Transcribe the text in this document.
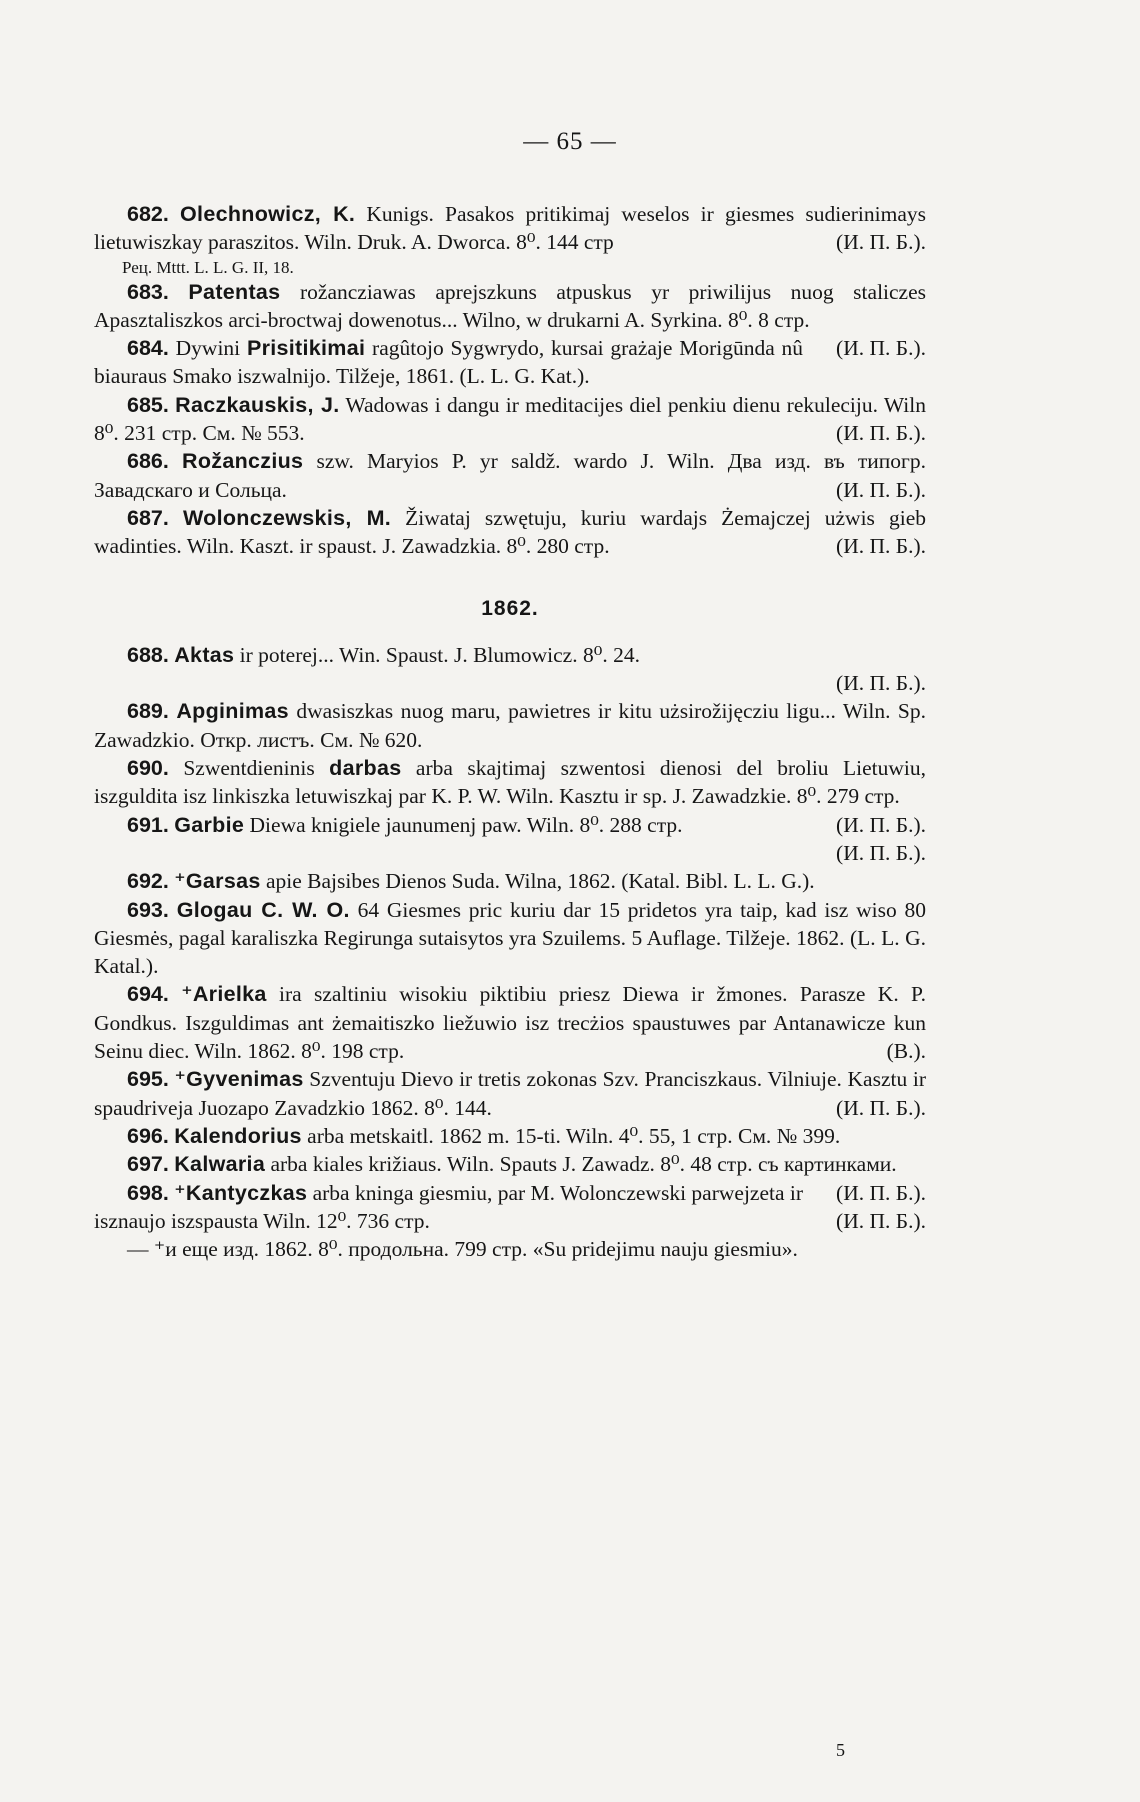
— 65 —

682. Olechnowicz, K. Kunigs. Pasakos pritikimaj weselos ir giesmes sudierinimays lietuwiszkay paraszitos. Wiln. Druk. A. Dworca. 8⁰. 144 стр	(И. П. Б.).

Рец. Mttt. L. L. G. II, 18.

683. Patentas rožancziawas aprejszkuns atpuskus yr priwilijus nuog staliczes Apasztaliszkos arci-broctwaj dowenotus... Wilno, w drukarni A. Syrkina. 8⁰. 8 стр.
(И. П. Б.).

684. Dywini Prisitikimai ragûtojo Sygwrydo, kursai grażaje Morigūnda nû biauraus Smako iszwalnijo. Tilžeje, 1861. (L. L. G. Kat.).

685. Raczkauskis, J. Wadowas i dangu ir meditacijes diel penkiu dienu rekuleciju. Wiln 8⁰. 231 стр. См. № 553.	(И. П. Б.).

686. Rožanczius szw. Maryios P. yr saldž. wardo J. Wiln. Два изд. въ типогр. Завадскаго и Сольца.	(И. П. Б.).

687. Wolonczewskis, M. Žiwataj szwętuju, kuriu wardajs Żemajczej użwis gieb wadinties. Wiln. Kaszt. ir spaust. J. Zawadzkia. 8⁰. 280 стр.	(И. П. Б.).

1862.

688. Aktas ir poterej... Win. Spaust. J. Blumowicz. 8⁰. 24.

(И. П. Б.).

689. Apginimas dwasiszkas nuog maru, pawietres ir kitu użsirožijęcziu ligu... Wiln. Sp. Zawadzkio. Откр. листъ. См. № 620.

690. Szwentdieninis darbas arba skajtimaj szwentosi dienosi del broliu Lietuwiu, iszguldita isz linkiszka letuwiszkaj par K. P. W. Wiln. Kasztu ir sp. J. Zawadzkie. 8⁰. 279 стр.
(И. П. Б.).

691. Garbie Diewa knigiele jaunumenj paw. Wiln. 8⁰. 288 стр.

(И. П. Б.).

692. ⁺Garsas apie Bajsibes Dienos Suda. Wilna, 1862. (Katal. Bibl. L. L. G.).

693. Glogau C. W. O. 64 Giesmes pric kuriu dar 15 pridetos yra taip, kad isz wiso 80 Giesmės, pagal karaliszka Regirunga sutaisytos yra Szuilems. 5 Auflage. Tilžeje. 1862. (L. L. G. Katal.).

694. ⁺Arielka ira szaltiniu wisokiu piktibiu priesz Diewa ir žmones. Parasze K. P. Gondkus. Iszguldimas ant żemaitiszko liežuwio isz trecżios spaustuwes par Antanawicze kun Seinu diec. Wiln. 1862. 8⁰. 198 стр.	(В.).

695. ⁺Gyvenimas Szventuju Dievo ir tretis zokonas Szv. Pranciszkaus. Vilniuje. Kasztu ir spaudriveja Juozapo Zavadzkio 1862. 8⁰. 144.	(И. П. Б.).

696. Kalendorius arba metskaitl. 1862 m. 15-ti. Wiln. 4⁰. 55, 1 стр. См. № 399.

697. Kalwaria arba kiales križiaus. Wiln. Spauts J. Zawadz. 8⁰. 48 стр. съ картинками.
(И. П. Б.).

698. ⁺Kantyczkas arba kninga giesmiu, par M. Wolonczewski parwejzeta ir isznaujo iszspausta Wiln. 12⁰. 736 стр.	(И. П. Б.).

— ⁺и еще изд. 1862. 8⁰. продольна. 799 стр. «Su pridejimu nauju giesmiu».

5
